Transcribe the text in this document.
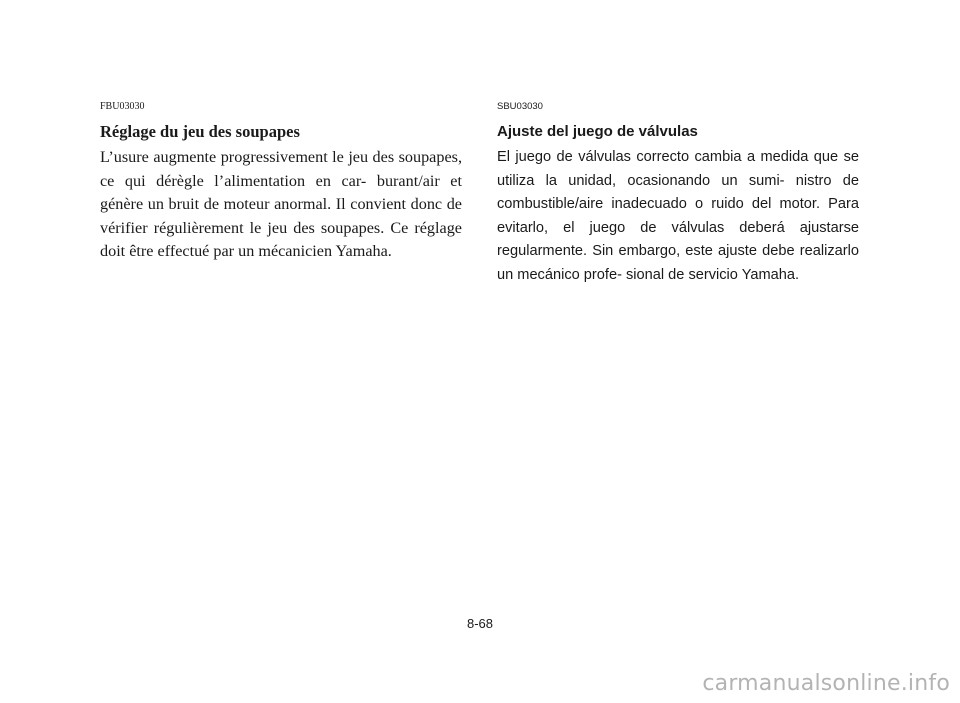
FBU03030
Réglage du jeu des soupapes

L’usure augmente progressivement le jeu des soupapes, ce qui dérègle l’alimentation en car- burant/air et génère un bruit de moteur anormal. Il convient donc de vérifier régulièrement le jeu des soupapes. Ce réglage doit être effectué par un mécanicien Yamaha.

SBU03030
Ajuste del juego de válvulas

El juego de válvulas correcto cambia a medida que se utiliza la unidad, ocasionando un sumi- nistro de combustible/aire inadecuado o ruido del motor. Para evitarlo, el juego de válvulas deberá ajustarse regularmente. Sin embargo, este ajuste debe realizarlo un mecánico profe- sional de servicio Yamaha.

8-68
carmanualsonline.info
